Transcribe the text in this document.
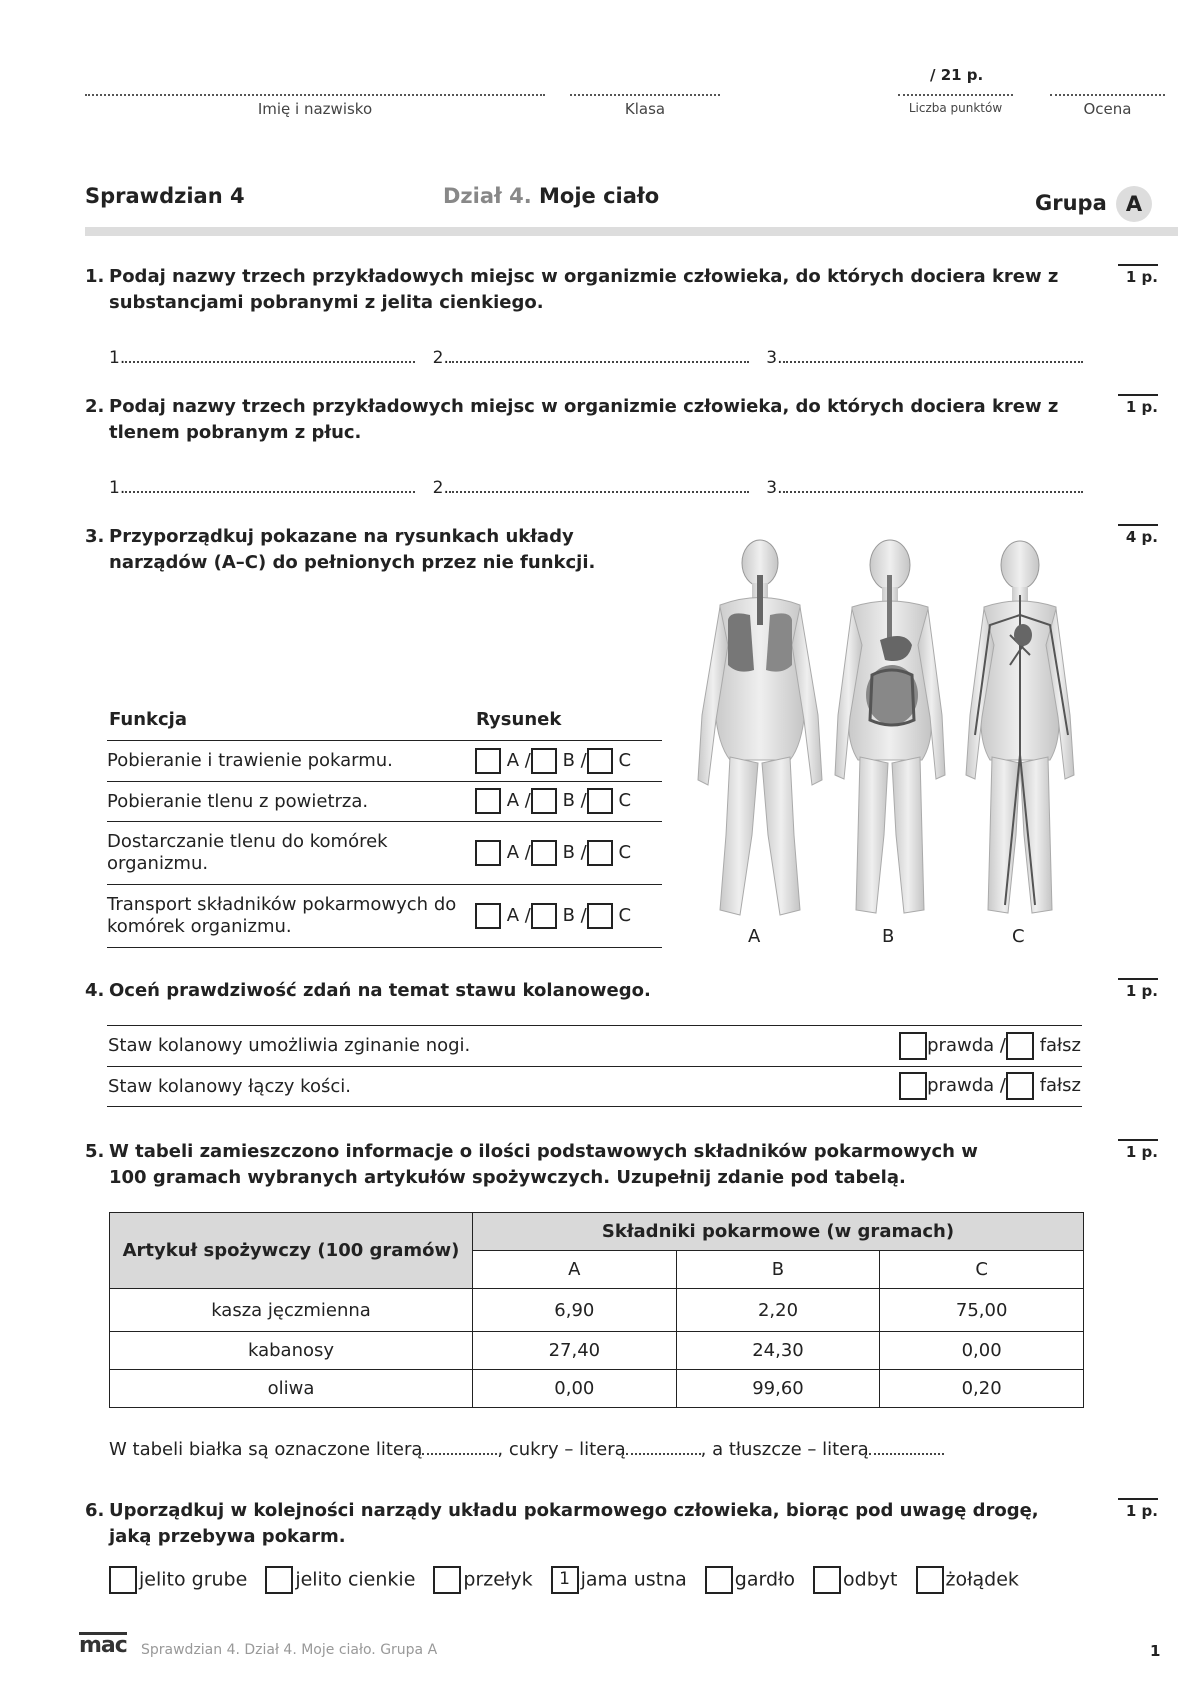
/ 21 p.
Imię i nazwisko	Klasa	Liczba punktów	Ocena
Sprawdzian 4	Dział 4. Moje ciało	Grupa A
1. Podaj nazwy trzech przykładowych miejsc w organizmie człowieka, do których dociera krew z substancjami pobranymi z jelita cienkiego.
1 p.
1.	2.	3.
2. Podaj nazwy trzech przykładowych miejsc w organizmie człowieka, do których dociera krew z tlenem pobranym z płuc.
1 p.
1.	2.	3.
3. Przyporządkuj pokazane na rysunkach układy narządów (A–C) do pełnionych przez nie funkcji.
4 p.
Funkcja	Rysunek
Pobieranie i trawienie pokarmu.	A / B / C
Pobieranie tlenu z powietrza.	A / B / C
Dostarczanie tlenu do komórek organizmu.	A / B / C
Transport składników pokarmowych do komórek organizmu.	A / B / C
A	B	C
4. Oceń prawdziwość zdań na temat stawu kolanowego.	1 p.
Staw kolanowy umożliwia zginanie nogi.	prawda / fałsz
Staw kolanowy łączy kości.	prawda / fałsz
5. W tabeli zamieszczono informacje o ilości podstawowych składników pokarmowych w 100 gramach wybranych artykułów spożywczych. Uzupełnij zdanie pod tabelą.
1 p.
Artykuł spożywczy (100 gramów)	Składniki pokarmowe (w gramach)		
	A	B	C
kasza jęczmienna	6,90	2,20	75,00
kabanosy	27,40	24,30	0,00
oliwa	0,00	99,60	0,20
W tabeli białka są oznaczone literą	, cukry – literą	, a tłuszcze – literą
6. Uporządkuj w kolejności narządy układu pokarmowego człowieka, biorąc pod uwagę drogę, jaką przebywa pokarm.
1 p.
jelito grube	jelito cienkie	przełyk 1 jama ustna	gardło	odbyt	żołądek
mac Sprawdzian 4. Dział 4. Moje ciało. Grupa A	1
